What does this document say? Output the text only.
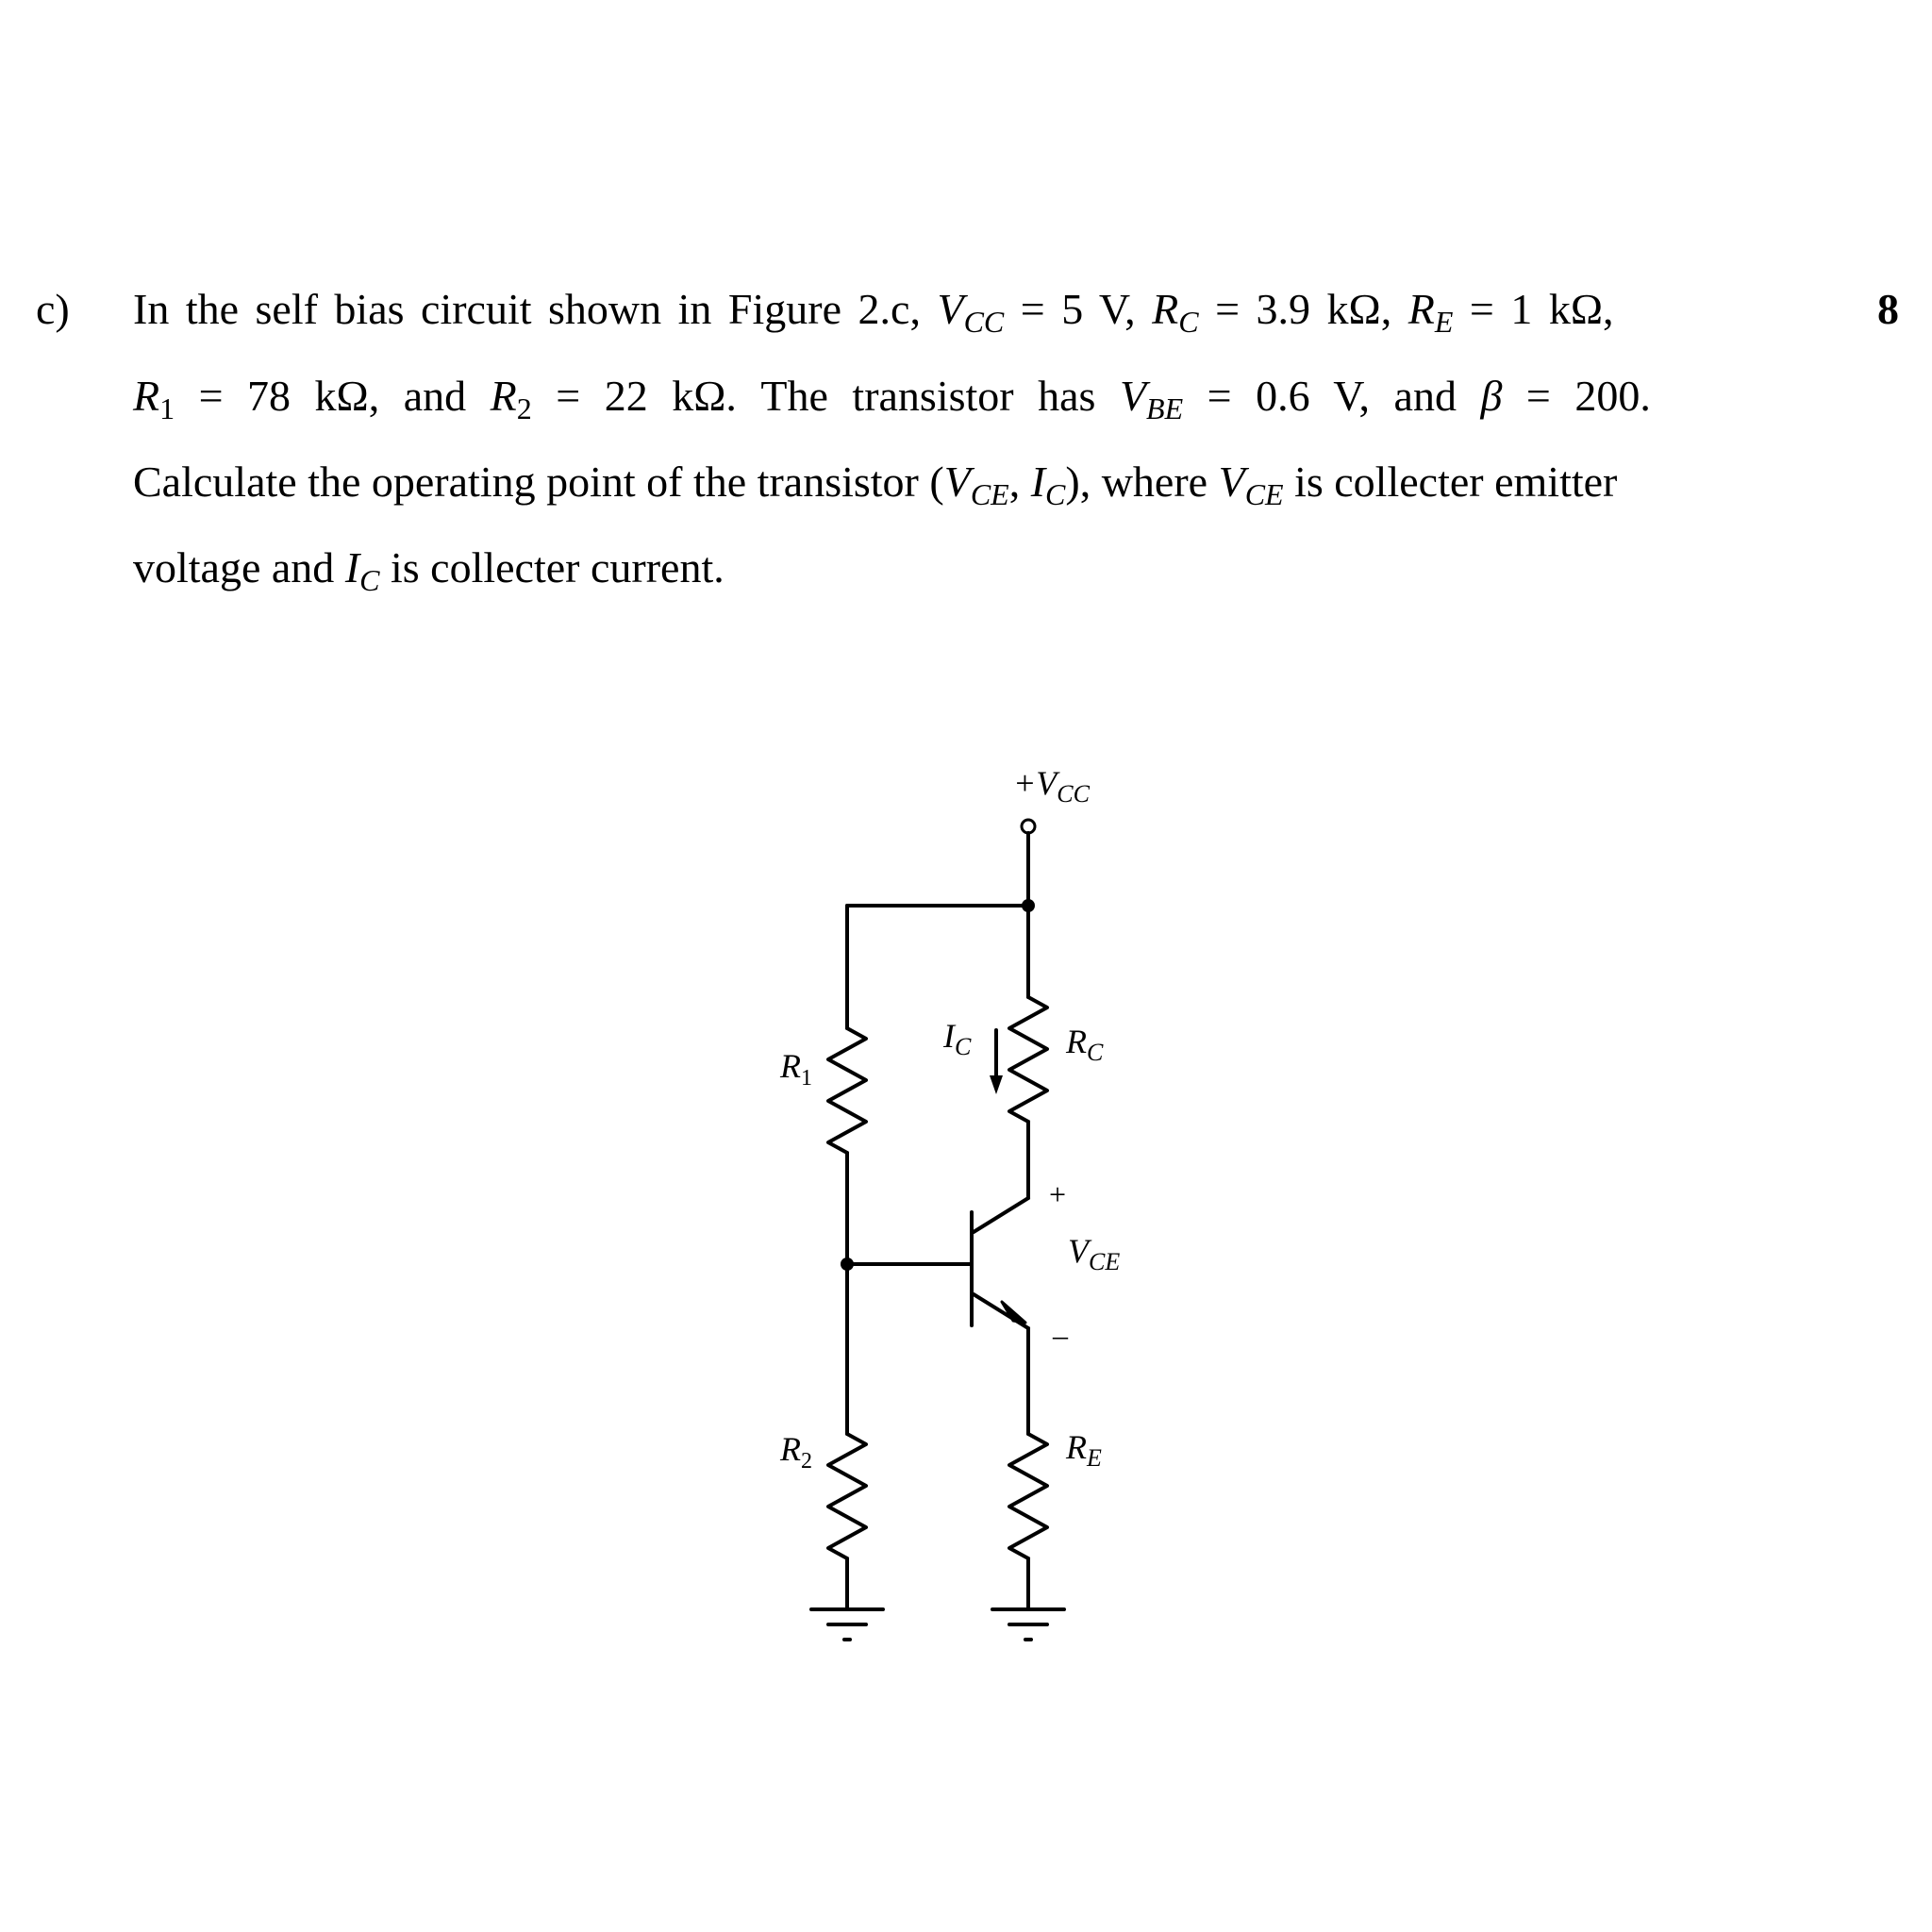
c)	8
In the self bias circuit shown in Figure 2.c, $V_{CC} = 5$ V, $R_C = 3.9$ kΩ, $R_E = 1$ kΩ,
$R_1 = 78$ kΩ, and $R_2 = 22$ kΩ. The transistor has $V_{BE} = 0.6$ V, and β = 200.
Calculate the operating point of the transistor ($V_{CE}$, $I_C$), where $V_{CE}$ is collecter emitter
voltage and $I_C$ is collecter current.
$+V_{CC}$
$R_1$
$R_2$
$R_C$
$R_E$
$I_C$
$V_{CE}$
+
–
